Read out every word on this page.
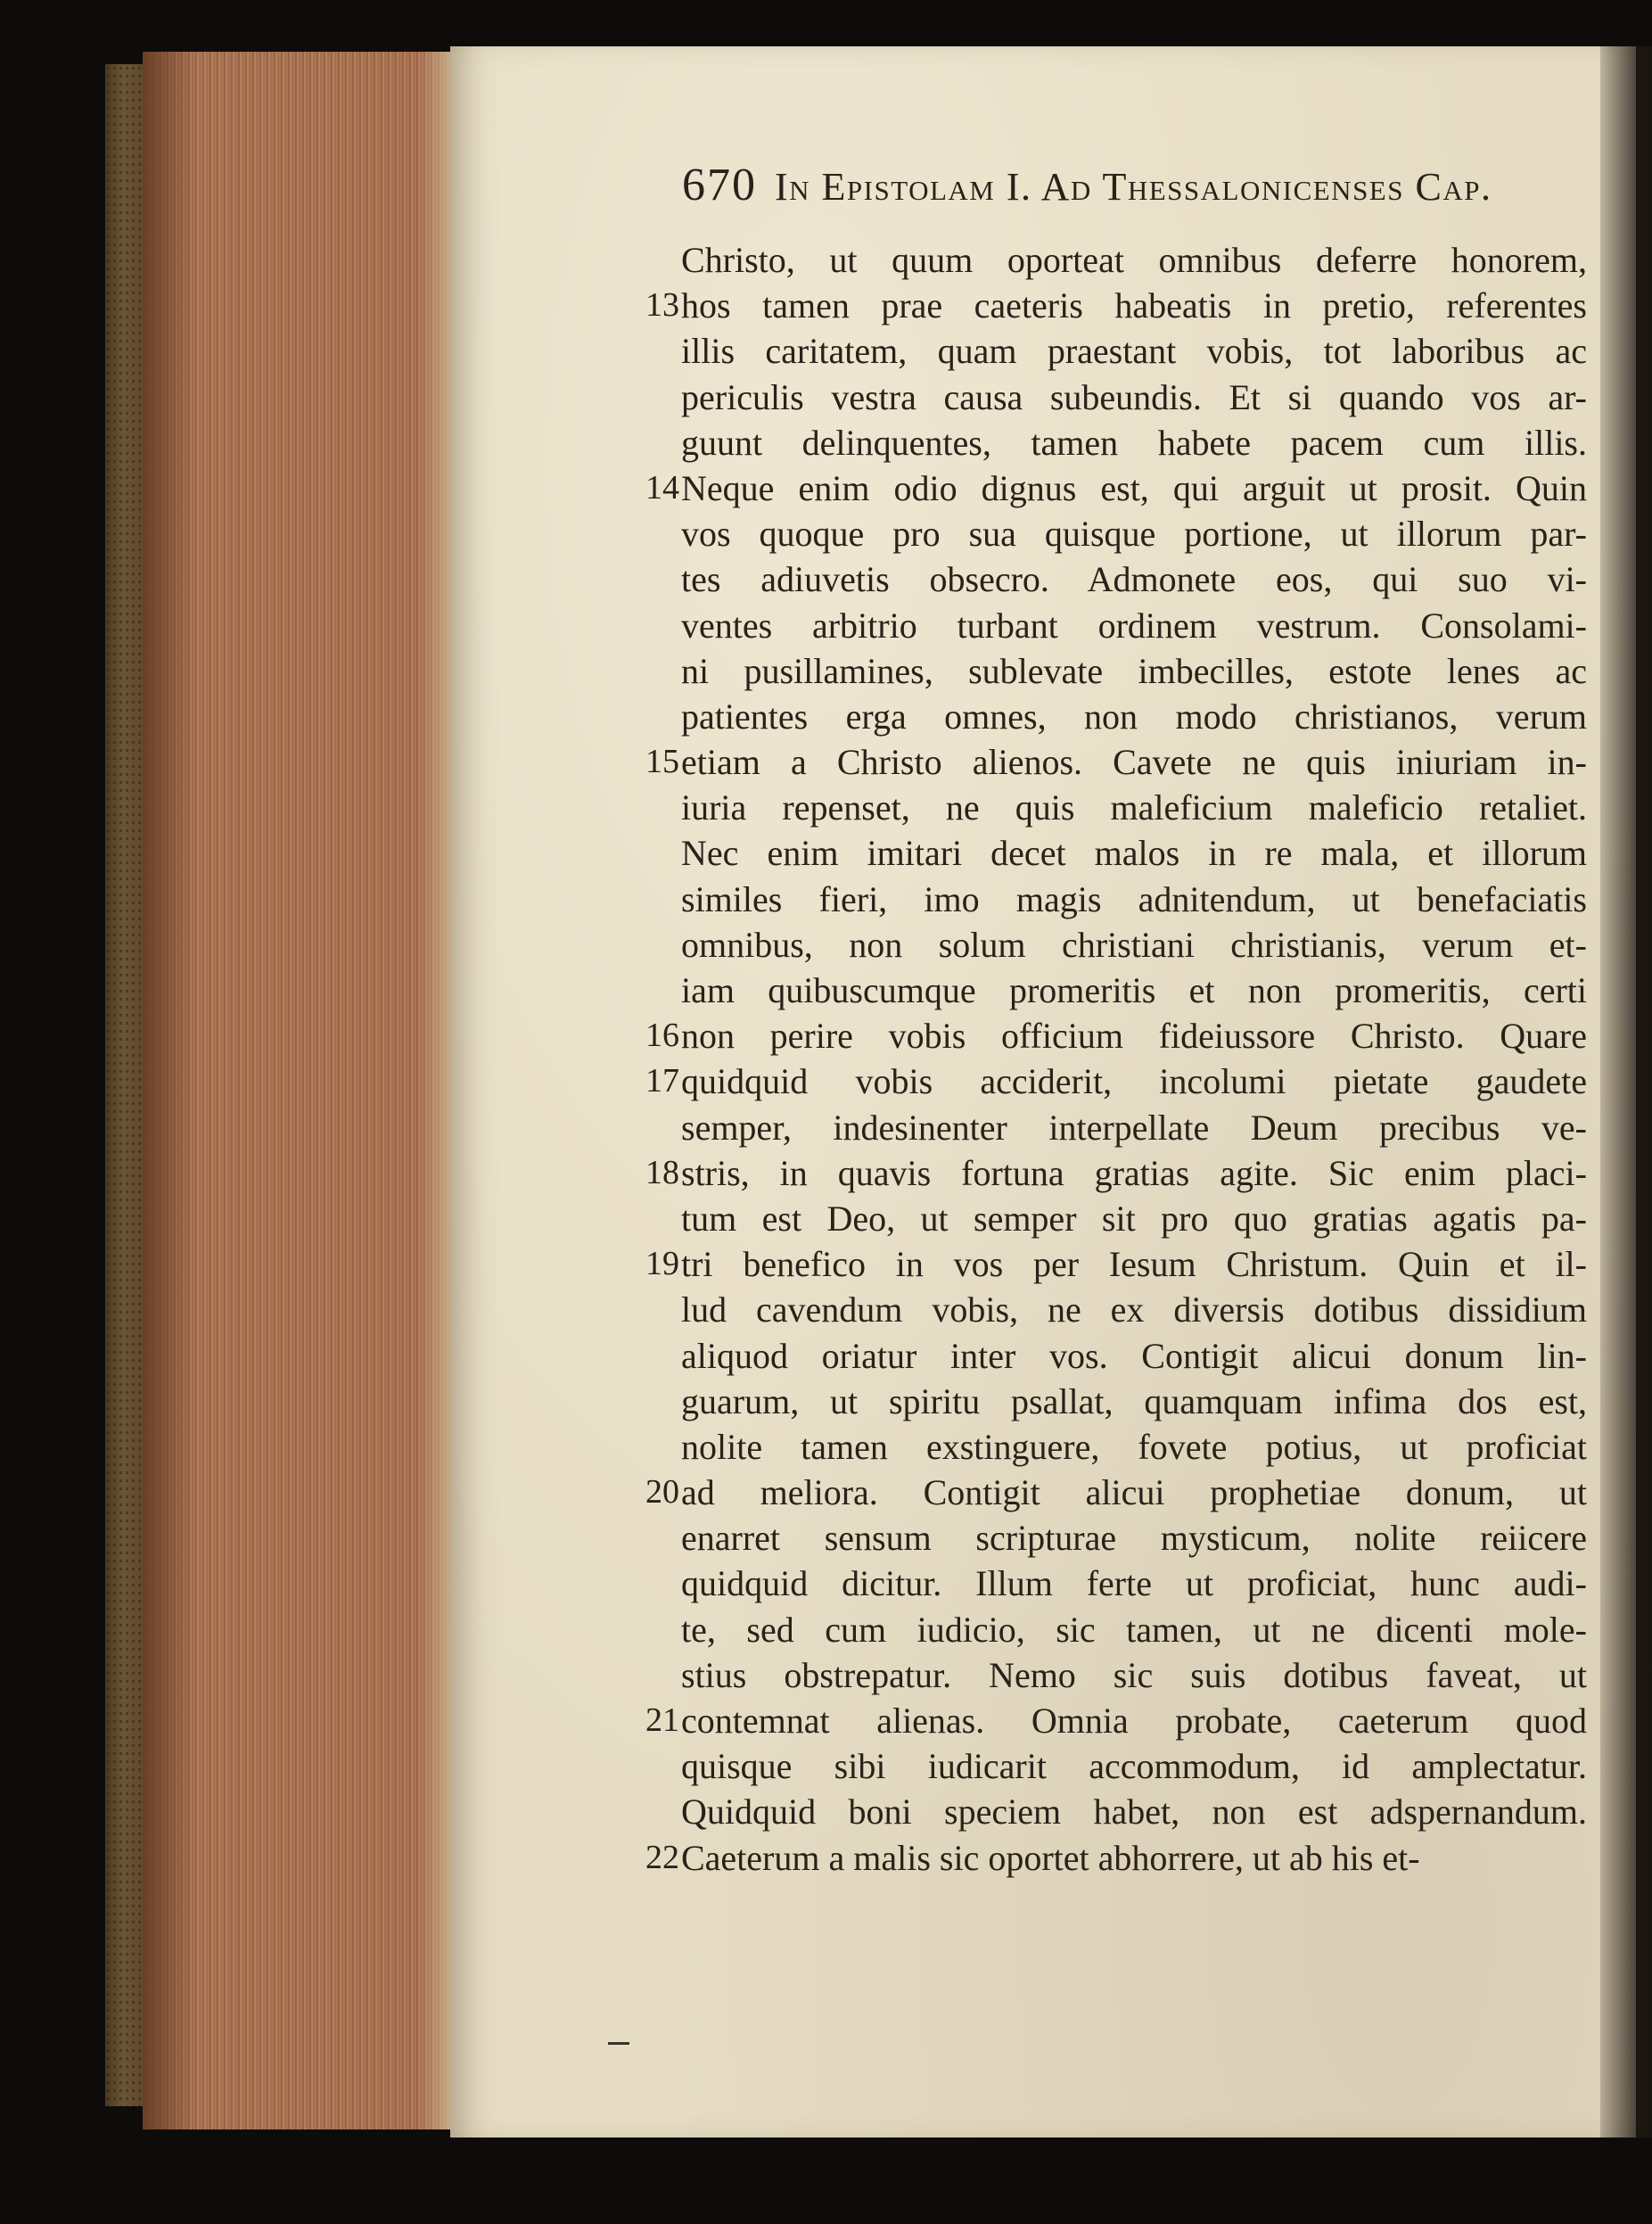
670 In Epistolam I. Ad Thessalonicenses Cap.
Christo, ut quum oporteat omnibus deferre honorem,
13 hos tamen prae caeteris habeatis in pretio, referentes
illis caritatem, quam praestant vobis, tot laboribus ac
periculis vestra causa subeundis. Et si quando vos ar-
guunt delinquentes, tamen habete pacem cum illis.
14 Neque enim odio dignus est, qui arguit ut prosit. Quin
vos quoque pro sua quisque portione, ut illorum par-
tes adiuvetis obsecro. Admonete eos, qui suo vi-
ventes arbitrio turbant ordinem vestrum. Consolami-
ni pusillamines, sublevate imbecilles, estote lenes ac
patientes erga omnes, non modo christianos, verum
15 etiam a Christo alienos. Cavete ne quis iniuriam in-
iuria repenset, ne quis maleficium maleficio retaliet.
Nec enim imitari decet malos in re mala, et illorum
similes fieri, imo magis adnitendum, ut benefaciatis
omnibus, non solum christiani christianis, verum et-
iam quibuscumque promeritis et non promeritis, certi
16 non perire vobis officium fideiussore Christo. Quare
17 quidquid vobis acciderit, incolumi pietate gaudete
semper, indesinenter interpellate Deum precibus ve-
18 stris, in quavis fortuna gratias agite. Sic enim placi-
tum est Deo, ut semper sit pro quo gratias agatis pa-
19 tri benefico in vos per Iesum Christum. Quin et il-
lud cavendum vobis, ne ex diversis dotibus dissidium
aliquod oriatur inter vos. Contigit alicui donum lin-
guarum, ut spiritu psallat, quamquam infima dos est,
nolite tamen exstinguere, fovete potius, ut proficiat
20 ad meliora. Contigit alicui prophetiae donum, ut
enarret sensum scripturae mysticum, nolite reiicere
quidquid dicitur. Illum ferte ut proficiat, hunc audi-
te, sed cum iudicio, sic tamen, ut ne dicenti mole-
stius obstrepatur. Nemo sic suis dotibus faveat, ut
21 contemnat alienas. Omnia probate, caeterum quod
quisque sibi iudicarit accommodum, id amplectatur.
Quidquid boni speciem habet, non est adspernandum.
22 Caeterum a malis sic oportet abhorrere, ut ab his et-
